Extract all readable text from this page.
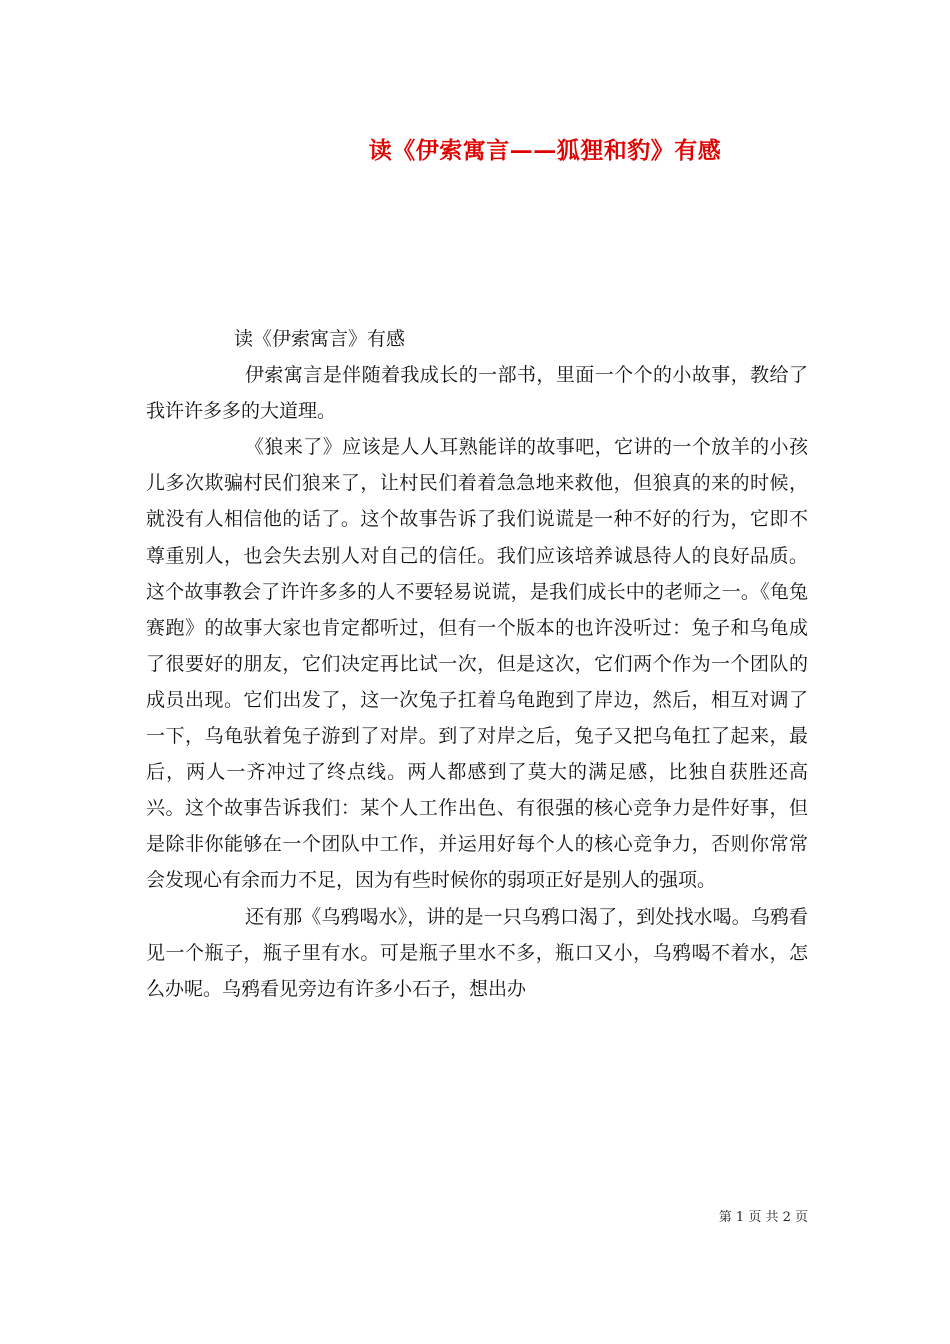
读《伊索寓言——狐狸和豹》有感

读《伊索寓言》有感

伊索寓言是伴随着我成长的一部书，里面一个个的小故事，教给了我许许多多的大道理。

《狼来了》应该是人人耳熟能详的故事吧，它讲的一个放羊的小孩儿多次欺骗村民们狼来了，让村民们着着急急地来救他，但狼真的来的时候，就没有人相信他的话了。这个故事告诉了我们说谎是一种不好的行为，它即不尊重别人，也会失去别人对自己的信任。我们应该培养诚恳待人的良好品质。这个故事教会了许许多多的人不要轻易说谎，是我们成长中的老师之一。《龟兔赛跑》的故事大家也肯定都听过，但有一个版本的也许没听过：兔子和乌龟成了很要好的朋友，它们决定再比试一次，但是这次，它们两个作为一个团队的成员出现。它们出发了，这一次兔子扛着乌龟跑到了岸边，然后，相互对调了一下，乌龟驮着兔子游到了对岸。到了对岸之后，兔子又把乌龟扛了起来，最后，两人一齐冲过了终点线。两人都感到了莫大的满足感，比独自获胜还高兴。这个故事告诉我们：某个人工作出色、有很强的核心竞争力是件好事，但是除非你能够在一个团队中工作，并运用好每个人的核心竞争力，否则你常常会发现心有余而力不足，因为有些时候你的弱项正好是别人的强项。

还有那《乌鸦喝水》，讲的是一只乌鸦口渴了，到处找水喝。乌鸦看见一个瓶子，瓶子里有水。可是瓶子里水不多，瓶口又小，乌鸦喝不着水，怎么办呢。乌鸦看见旁边有许多小石子，想出办

第 1 页 共 2 页
